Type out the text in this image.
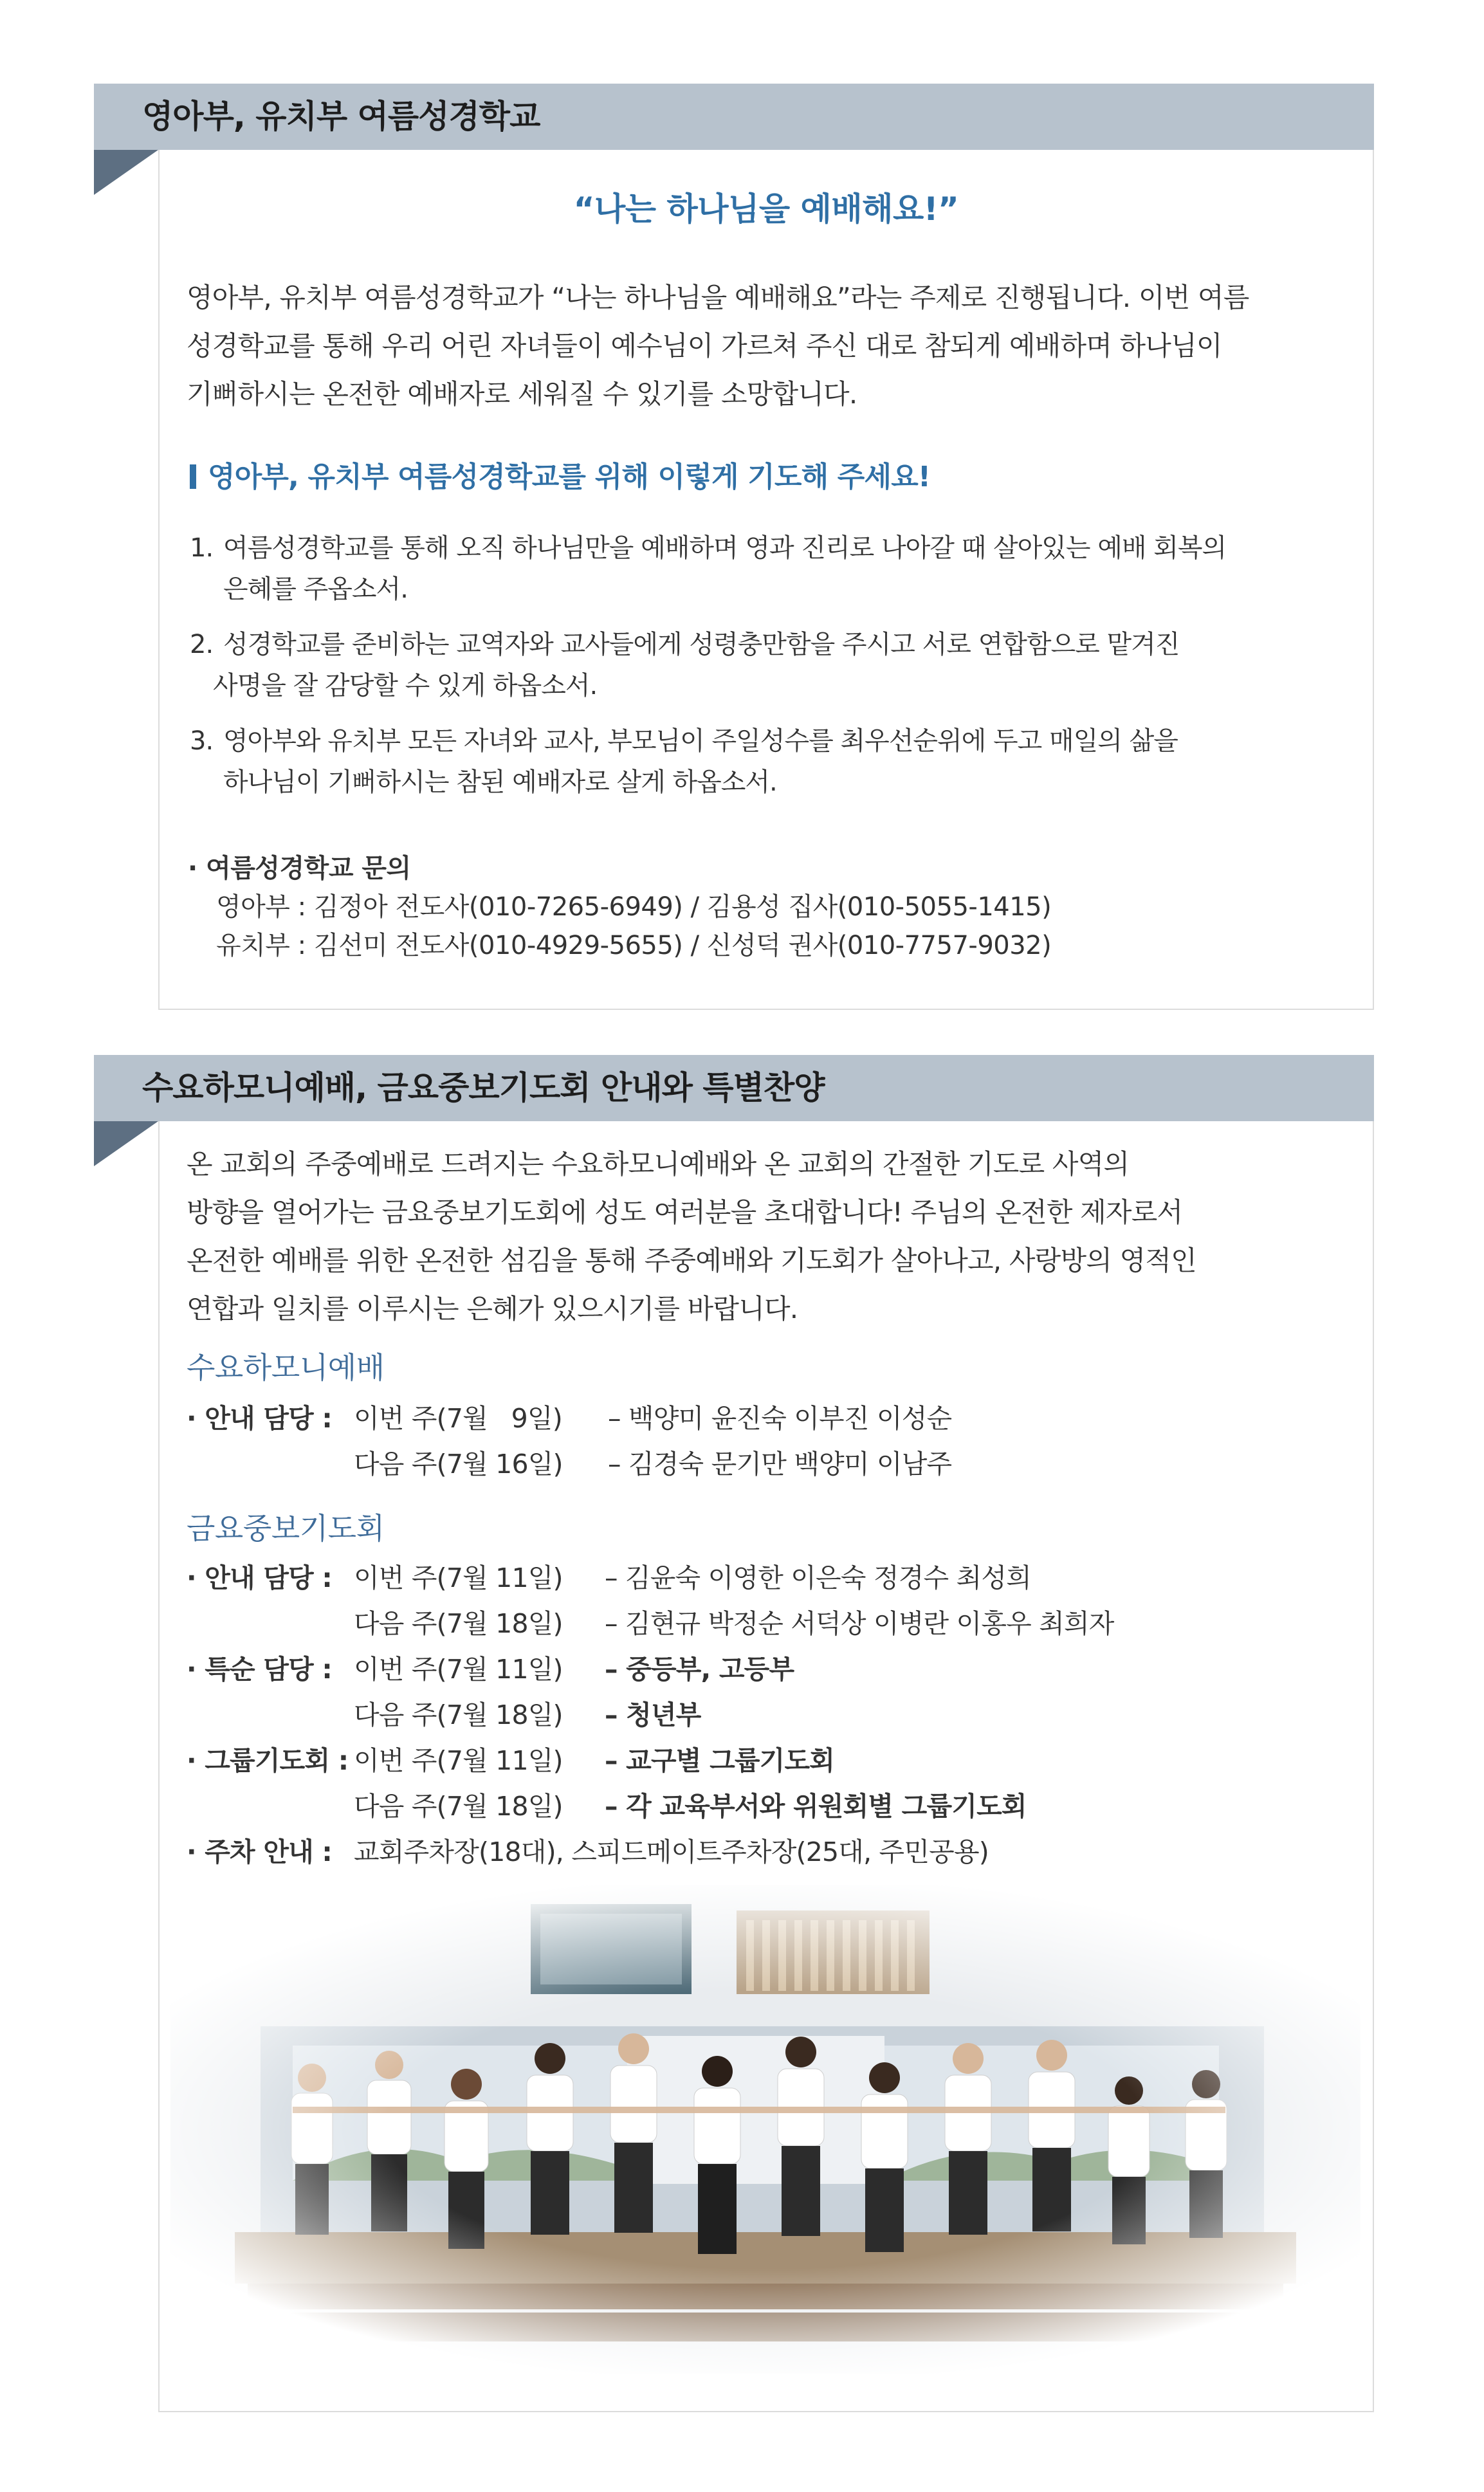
영아부, 유치부 여름성경학교
“나는 하나님을 예배해요!”
영아부, 유치부 여름성경학교가 “나는 하나님을 예배해요”라는 주제로 진행됩니다. 이번 여름
성경학교를 통해 우리 어린 자녀들이 예수님이 가르쳐 주신 대로 참되게 예배하며 하나님이
기뻐하시는 온전한 예배자로 세워질 수 있기를 소망합니다.
영아부, 유치부 여름성경학교를 위해 이렇게 기도해 주세요!
1. 여름성경학교를 통해 오직 하나님만을 예배하며 영과 진리로 나아갈 때 살아있는 예배 회복의
은혜를 주옵소서.
2. 성경학교를 준비하는 교역자와 교사들에게 성령충만함을 주시고 서로 연합함으로 맡겨진
사명을 잘 감당할 수 있게 하옵소서.
3. 영아부와 유치부 모든 자녀와 교사, 부모님이 주일성수를 최우선순위에 두고 매일의 삶을
하나님이 기뻐하시는 참된 예배자로 살게 하옵소서.
· 여름성경학교 문의
영아부 : 김정아 전도사(010-7265-6949) / 김용성 집사(010-5055-1415)
유치부 : 김선미 전도사(010-4929-5655) / 신성덕 권사(010-7757-9032)
수요하모니예배, 금요중보기도회 안내와 특별찬양
온 교회의 주중예배로 드려지는 수요하모니예배와 온 교회의 간절한 기도로 사역의
방향을 열어가는 금요중보기도회에 성도 여러분을 초대합니다! 주님의 온전한 제자로서
온전한 예배를 위한 온전한 섬김을 통해 주중예배와 기도회가 살아나고, 사랑방의 영적인
연합과 일치를 이루시는 은혜가 있으시기를 바랍니다.
수요하모니예배
· 안내 담당 : 이번 주(7월   9일) – 백양미 윤진숙 이부진 이성순
다음 주(7월 16일) – 김경숙 문기만 백양미 이남주
금요중보기도회
· 안내 담당 : 이번 주(7월 11일) – 김윤숙 이영한 이은숙 정경수 최성희
다음 주(7월 18일) – 김현규 박정순 서덕상 이병란 이홍우 최희자
· 특순 담당 : 이번 주(7월 11일) – 중등부, 고등부
다음 주(7월 18일) – 청년부
· 그룹기도회 : 이번 주(7월 11일) – 교구별 그룹기도회
다음 주(7월 18일) – 각 교육부서와 위원회별 그룹기도회
· 주차 안내 : 교회주차장(18대), 스피드메이트주차장(25대, 주민공용)
